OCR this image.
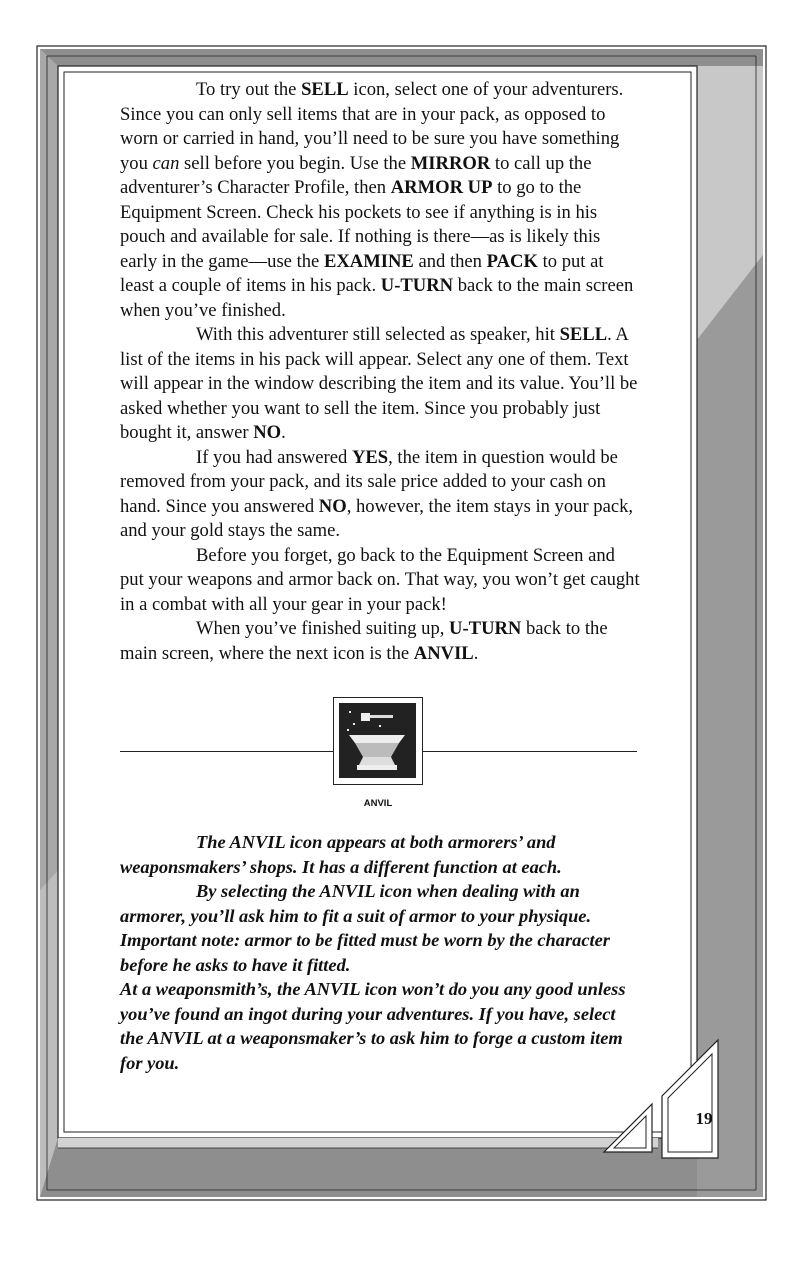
To try out the SELL icon, select one of your adventurers. Since you can only sell items that are in your pack, as opposed to worn or carried in hand, you’ll need to be sure you have something you can sell before you begin. Use the MIRROR to call up the adventurer’s Character Profile, then ARMOR UP to go to the Equipment Screen. Check his pockets to see if anything is in his pouch and available for sale. If nothing is there—as is likely this early in the game—use the EXAMINE and then PACK to put at least a couple of items in his pack. U-TURN back to the main screen when you’ve finished.

With this adventurer still selected as speaker, hit SELL. A list of the items in his pack will appear. Select any one of them. Text will appear in the window describing the item and its value. You’ll be asked whether you want to sell the item. Since you probably just bought it, answer NO.

If you had answered YES, the item in question would be removed from your pack, and its sale price added to your cash on hand. Since you answered NO, however, the item stays in your pack, and your gold stays the same.

Before you forget, go back to the Equipment Screen and put your weapons and armor back on. That way, you won’t get caught in a combat with all your gear in your pack!

When you’ve finished suiting up, U-TURN back to the main screen, where the next icon is the ANVIL.

ANVIL

The ANVIL icon appears at both armorers’ and weaponsmakers’ shops. It has a different function at each.

By selecting the ANVIL icon when dealing with an armorer, you’ll ask him to fit a suit of armor to your physique. Important note: armor to be fitted must be worn by the character before he asks to have it fitted.

At a weaponsmith’s, the ANVIL icon won’t do you any good unless you’ve found an ingot during your adventures. If you have, select the ANVIL at a weaponsmaker’s to ask him to forge a custom item for you.

19
